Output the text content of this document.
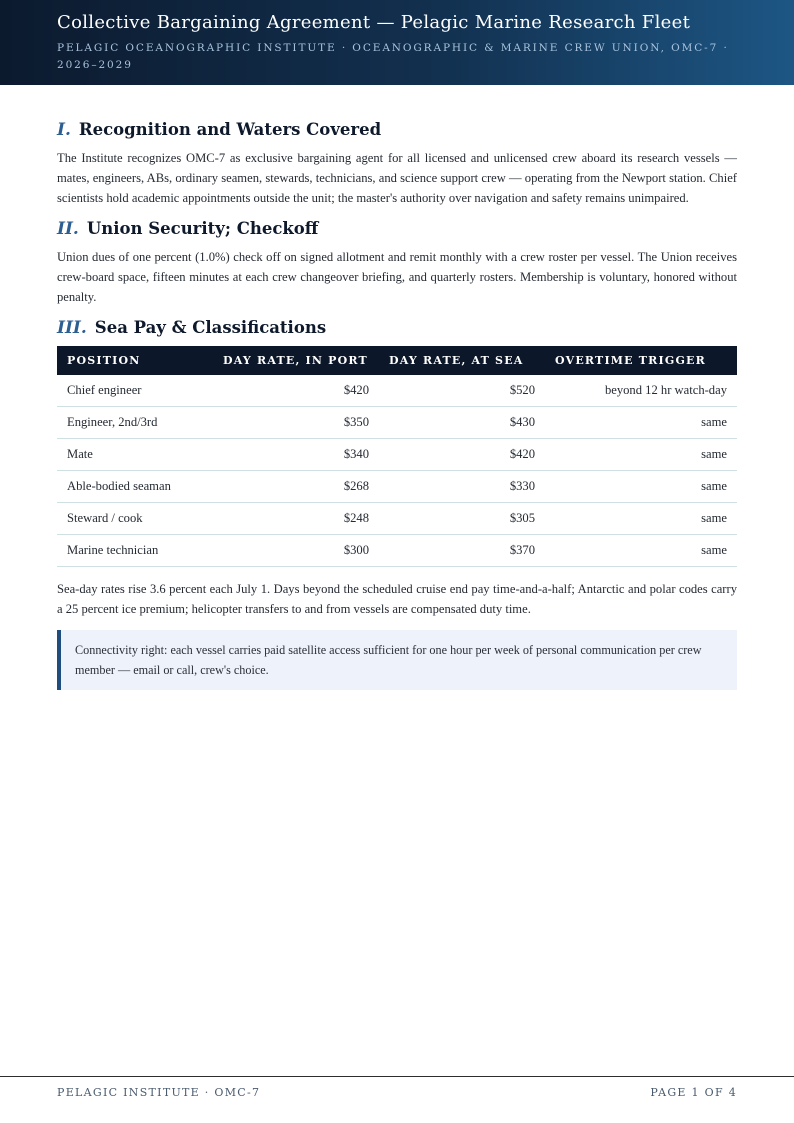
Collective Bargaining Agreement — Pelagic Marine Research Fleet
PELAGIC OCEANOGRAPHIC INSTITUTE · OCEANOGRAPHIC & MARINE CREW UNION, OMC-7 · 2026–2029
I. Recognition and Waters Covered

The Institute recognizes OMC-7 as exclusive bargaining agent for all licensed and unlicensed crew aboard its research vessels — mates, engineers, ABs, ordinary seamen, stewards, technicians, and science support crew — operating from the Newport station. Chief scientists hold academic appointments outside the unit; the master's authority over navigation and safety remains unimpaired.

II. Union Security; Checkoff

Union dues of one percent (1.0%) check off on signed allotment and remit monthly with a crew roster per vessel. The Union receives crew-board space, fifteen minutes at each crew changeover briefing, and quarterly rosters. Membership is voluntary, honored without penalty.

III. Sea Pay & Classifications
POSITION	DAY RATE, IN PORT	DAY RATE, AT SEA	OVERTIME TRIGGER
Chief engineer	$420	$520	beyond 12 hr watch-day
Engineer, 2nd/3rd	$350	$430	same
Mate	$340	$420	same
Able-bodied seaman	$268	$330	same
Steward / cook	$248	$305	same
Marine technician	$300	$370	same

Sea-day rates rise 3.6 percent each July 1. Days beyond the scheduled cruise end pay time-and-a-half; Antarctic and polar codes carry a 25 percent ice premium; helicopter transfers to and from vessels are compensated duty time.

Connectivity right: each vessel carries paid satellite access sufficient for one hour per week of personal communication per crew member — email or call, crew's choice.
PELAGIC INSTITUTE · OMC-7	PAGE 1 OF 4
